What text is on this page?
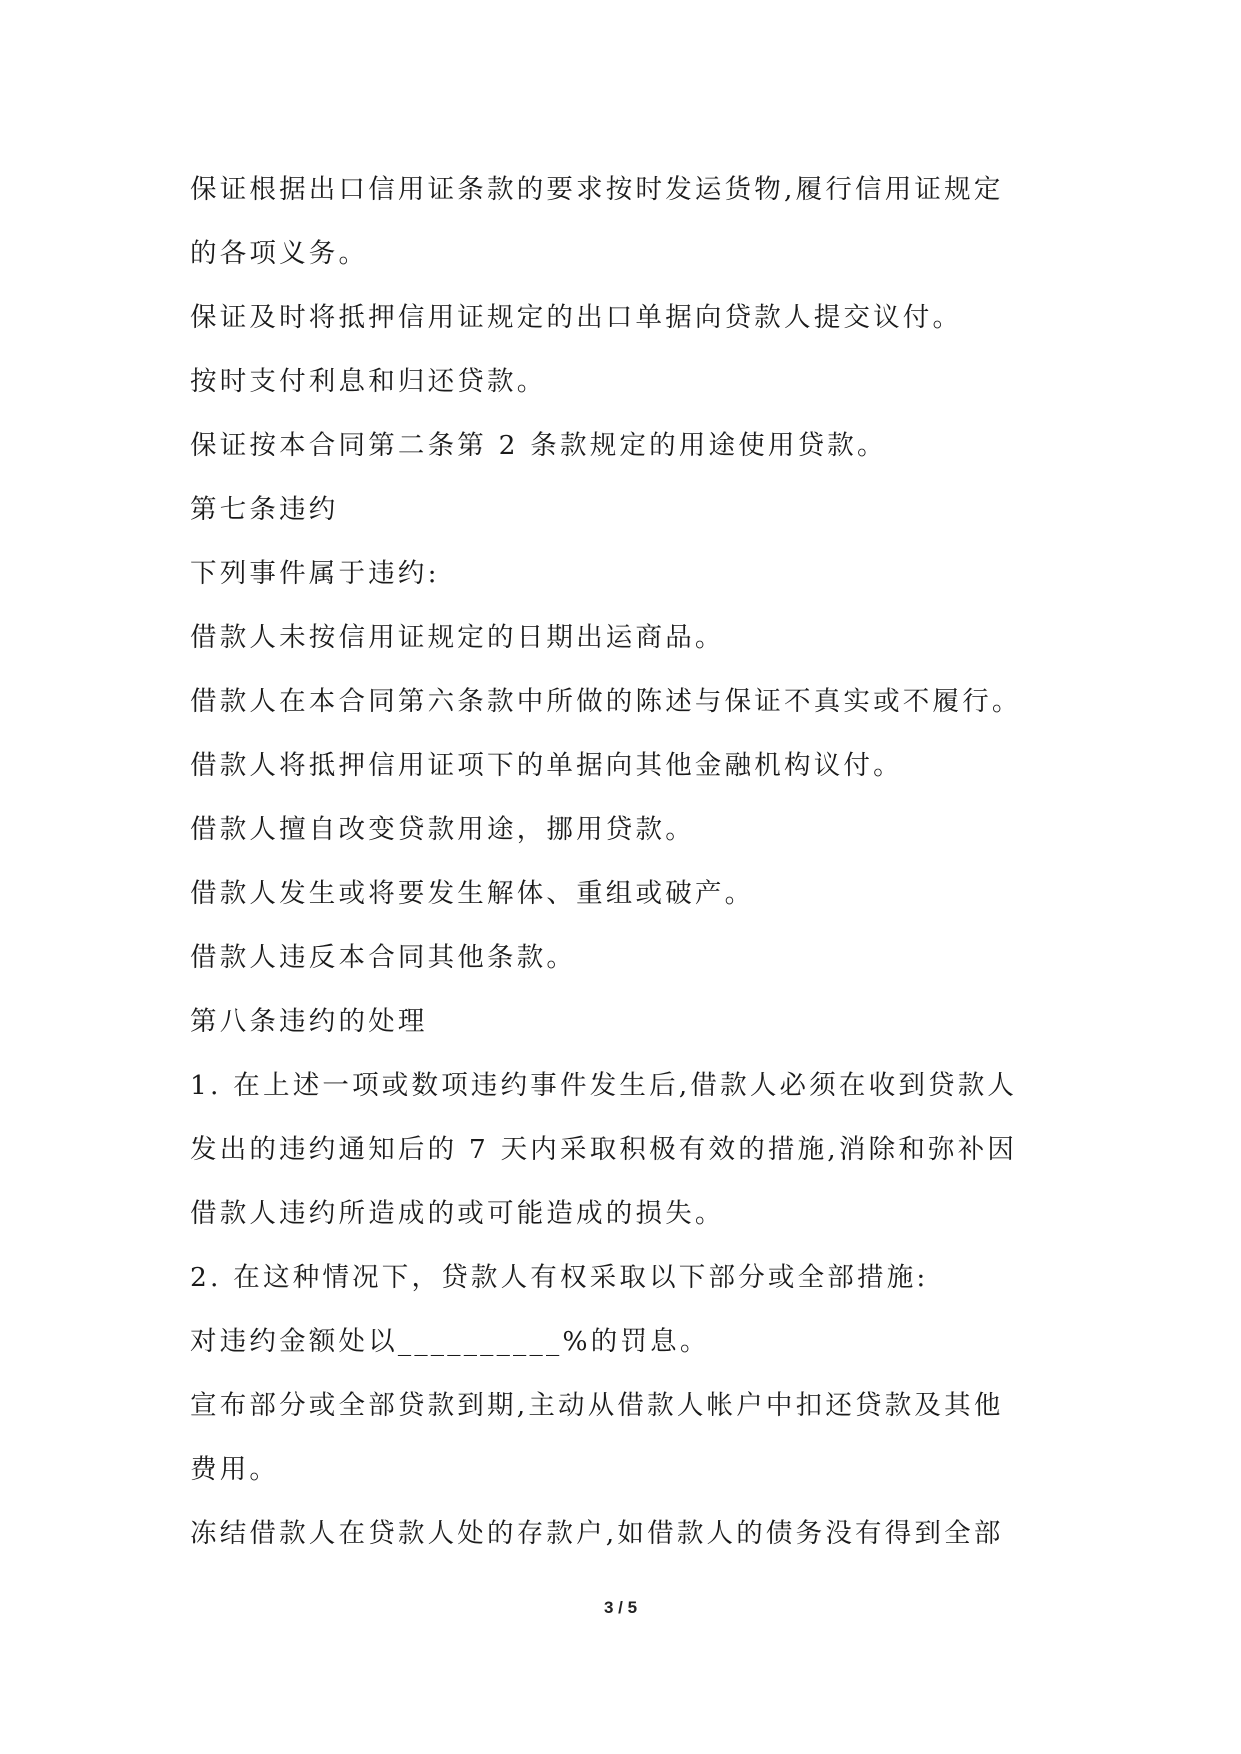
保证根据出口信用证条款的要求按时发运货物,履行信用证规定
的各项义务。
保证及时将抵押信用证规定的出口单据向贷款人提交议付。
按时支付利息和归还贷款。
保证按本合同第二条第 2 条款规定的用途使用贷款。
第七条违约
下列事件属于违约:
借款人未按信用证规定的日期出运商品。
借款人在本合同第六条款中所做的陈述与保证不真实或不履行。
借款人将抵押信用证项下的单据向其他金融机构议付。
借款人擅自改变贷款用途，挪用贷款。
借款人发生或将要发生解体、重组或破产。
借款人违反本合同其他条款。
第八条违约的处理
1. 在上述一项或数项违约事件发生后,借款人必须在收到贷款人
发出的违约通知后的 7 天内采取积极有效的措施,消除和弥补因
借款人违约所造成的或可能造成的损失。
2. 在这种情况下，贷款人有权采取以下部分或全部措施:
对违约金额处以__________%的罚息。
宣布部分或全部贷款到期,主动从借款人帐户中扣还贷款及其他
费用。
冻结借款人在贷款人处的存款户,如借款人的债务没有得到全部
3 / 5
